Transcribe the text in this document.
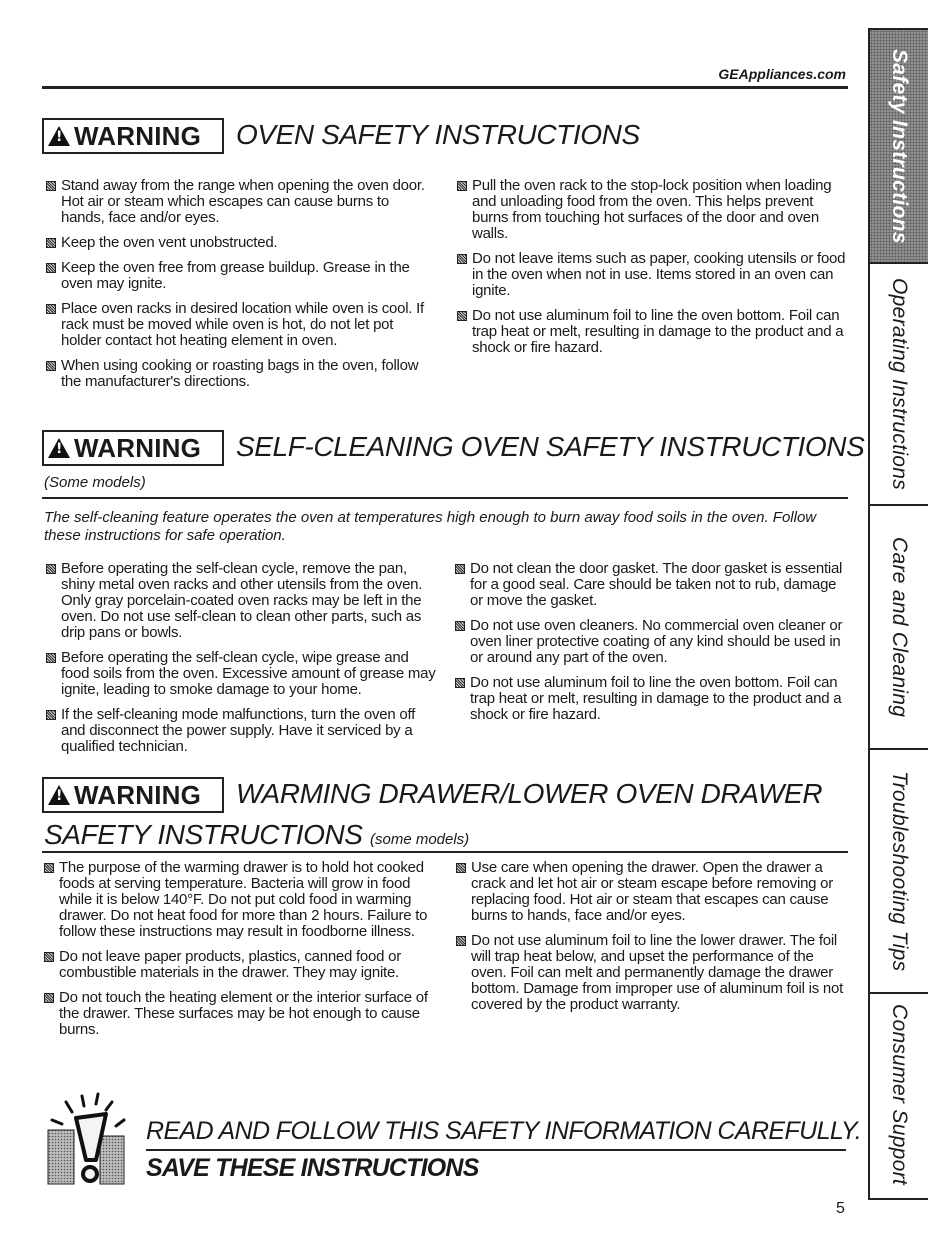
GEAppliances.com Safety Instructions
Operating Instructions
Care and Cleaning
Troubleshooting Tips
Consumer Support
!
WARNING OVEN SAFETY INSTRUCTIONS
Stand away from the range when opening the oven door. Hot air or steam which escapes can cause burns to hands, face and/or eyes.
Keep the oven vent unobstructed.
Keep the oven free from grease buildup. Grease in the oven may ignite.
Place oven racks in desired location while oven is cool. If rack must be moved while oven is hot, do not let pot holder contact hot heating element in oven.
When using cooking or roasting bags in the oven, follow the manufacturer's directions.
Pull the oven rack to the stop-lock position when loading and unloading food from the oven. This helps prevent burns from touching hot surfaces of the door and oven walls.
Do not leave items such as paper, cooking utensils or food in the oven when not in use. Items stored in an oven can ignite.
Do not use aluminum foil to line the oven bottom. Foil can trap heat or melt, resulting in damage to the product and a shock or fire hazard.
!
WARNING SELF-CLEANING OVEN SAFETY INSTRUCTIONS
(Some models)
The self-cleaning feature operates the oven at temperatures high enough to burn away food soils in the oven. Follow these instructions for safe operation.
Before operating the self-clean cycle, remove the pan, shiny metal oven racks and other utensils from the oven. Only gray porcelain-coated oven racks may be left in the oven. Do not use self-clean to clean other parts, such as drip pans or bowls.
Before operating the self-clean cycle, wipe grease and food soils from the oven. Excessive amount of grease may ignite, leading to smoke damage to your home.
If the self-cleaning mode malfunctions, turn the oven off and disconnect the power supply. Have it serviced by a qualified technician.
Do not clean the door gasket. The door gasket is essential for a good seal. Care should be taken not to rub, damage or move the gasket.
Do not use oven cleaners. No commercial oven cleaner or oven liner protective coating of any kind should be used in or around any part of the oven.
Do not use aluminum foil to line the oven bottom. Foil can trap heat or melt, resulting in damage to the product and a shock or fire hazard.
!
WARNING WARMING DRAWER/LOWER OVEN DRAWER
SAFETY INSTRUCTIONS (some models)
The purpose of the warming drawer is to hold hot cooked foods at serving temperature. Bacteria will grow in food while it is below 140°F. Do not put cold food in warming drawer. Do not heat food for more than 2 hours. Failure to follow these instructions may result in foodborne illness.
Do not leave paper products, plastics, canned food or combustible materials in the drawer. They may ignite.
Do not touch the heating element or the interior surface of the drawer. These surfaces may be hot enough to cause burns.
Use care when opening the drawer. Open the drawer a crack and let hot air or steam escape before removing or replacing food. Hot air or steam that escapes can cause burns to hands, face and/or eyes.
Do not use aluminum foil to line the lower drawer. The foil will trap heat below, and upset the performance of the oven. Foil can melt and permanently damage the drawer bottom. Damage from improper use of aluminum foil is not covered by the product warranty.
READ AND FOLLOW THIS SAFETY INFORMATION CAREFULLY.
SAVE THESE INSTRUCTIONS
5
